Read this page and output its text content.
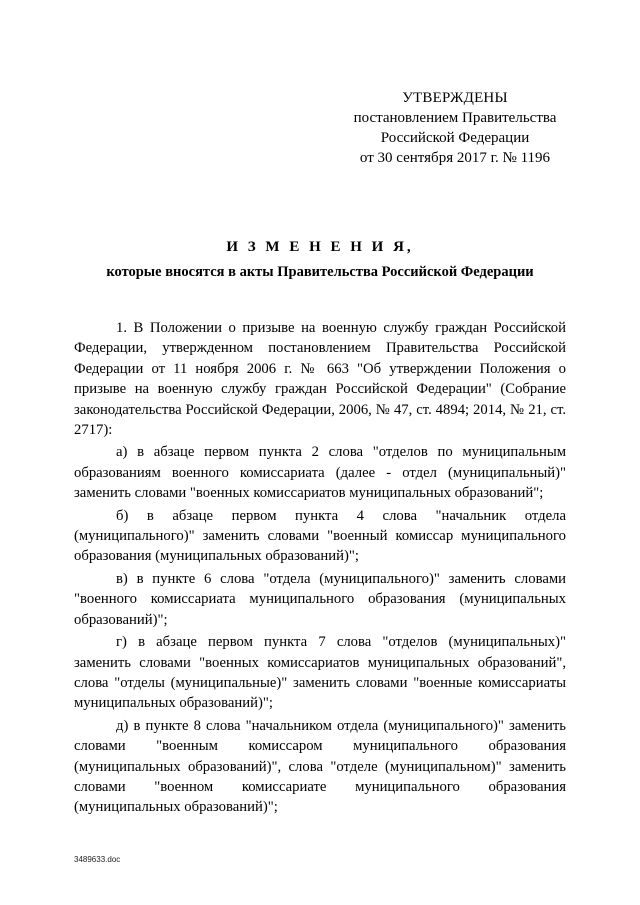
УТВЕРЖДЕНЫ
постановлением Правительства
Российской Федерации
от 30 сентября 2017 г. № 1196
И З М Е Н Е Н И Я,
которые вносятся в акты Правительства Российской Федерации

1. В Положении о призыве на военную службу граждан Российской Федерации, утвержденном постановлением Правительства Российской Федерации от 11 ноября 2006 г. № 663 "Об утверждении Положения о призыве на военную службу граждан Российской Федерации" (Собрание законодательства Российской Федерации, 2006, № 47, ст. 4894; 2014, № 21, ст. 2717):

а) в абзаце первом пункта 2 слова "отделов по муниципальным образованиям военного комиссариата (далее - отдел (муниципальный)" заменить словами "военных комиссариатов муниципальных образований";

б) в абзаце первом пункта 4 слова "начальник отдела (муниципального)" заменить словами "военный комиссар муниципального образования (муниципальных образований)";

в) в пункте 6 слова "отдела (муниципального)" заменить словами "военного комиссариата муниципального образования (муниципальных образований)";

г) в абзаце первом пункта 7 слова "отделов (муниципальных)" заменить словами "военных комиссариатов муниципальных образований", слова "отделы (муниципальные)" заменить словами "военные комиссариаты муниципальных образований)";

д) в пункте 8 слова "начальником отдела (муниципального)" заменить словами "военным комиссаром муниципального образования (муниципальных образований)", слова "отделе (муниципальном)" заменить словами "военном комиссариате муниципального образования (муниципальных образований)";

3489633.doc
